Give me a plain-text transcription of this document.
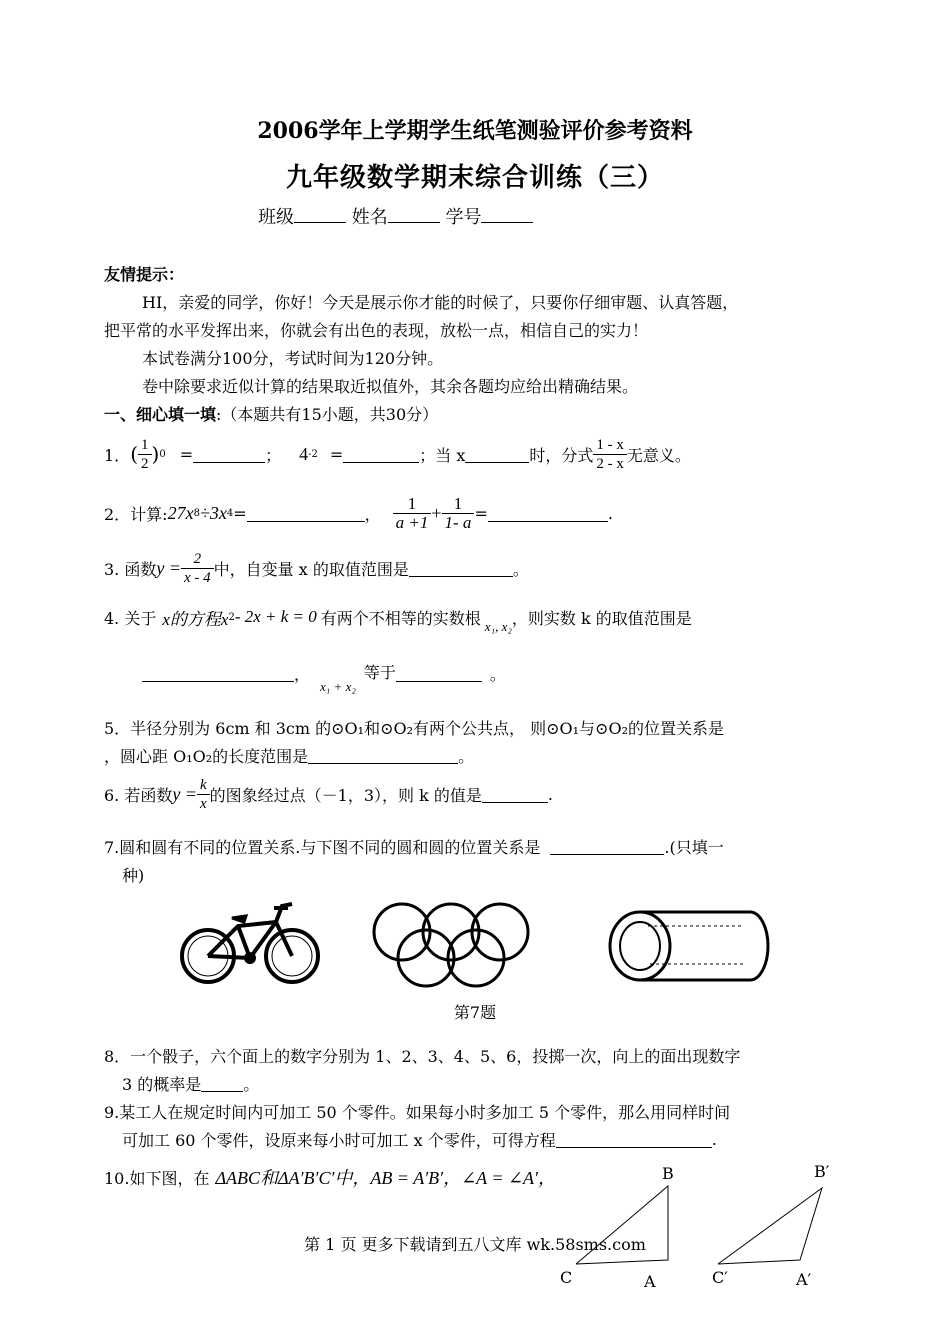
2006学年上学期学生纸笔测验评价参考资料
九年级数学期末综合训练（三）
班级	姓名	学号
友情提示：
HI，亲爱的同学，你好！今天是展示你才能的时候了，只要你仔细审题、认真答题，
把平常的水平发挥出来，你就会有出色的表现，放松一点，相信自己的实力！
本试卷满分100分，考试时间为120分钟。
卷中除要求近似计算的结果取近拟值外，其余各题均应给出精确结果。
一、细心填一填:（本题共有15小题，共30分）
1． ( $\frac{1}{2}$ ) 0 =	； 4 -2 =	；当 x	时，分式 $\frac{1 - x}{2 - x}$ 无意义。
2．计算: 27x 8 ÷3x 4 =	， $\frac{1}{a +1} + \frac{1}{1- a}$ =	.
3. 函数 $y = \frac{2}{x - 4}$ 中，自变量 x 的取值范围是	。
4. 关于 x的方程x 2 - 2x + k = 0 有两个不相等的实数根 x₁, x₂ ，则实数 k 的取值范围是
，
x₁ + x₂
等于	。
5．半径分别为 6cm 和 3cm 的⊙O₁和⊙O₂有两个公共点， 则⊙O₁与⊙O₂的位置关系是
，圆心距 O₁O₂的长度范围是	。
6. 若函数 $y = \frac{k}{x}$ 的图象经过点（－1，3），则 k 的值是	.
7.圆和圆有不同的位置关系.与下图不同的圆和圆的位置关系是	.(只填一
种)
第7题
8．一个骰子，六个面上的数字分别为 1、2、3、4、5、6，投掷一次，向上的面出现数字
3 的概率是	。
9.某工人在规定时间内可加工 50 个零件。如果每小时多加工 5 个零件，那么用同样时间
可加工 60 个零件，设原来每小时可加工 x 个零件，可得方程	.
10.如下图，在 ΔABC和ΔA′B′C′中，AB = A′B′，∠A = ∠A′，	B
C	A
B′
C′	A′
第 1 页 更多下载请到五八文库 wk.58sms.com
